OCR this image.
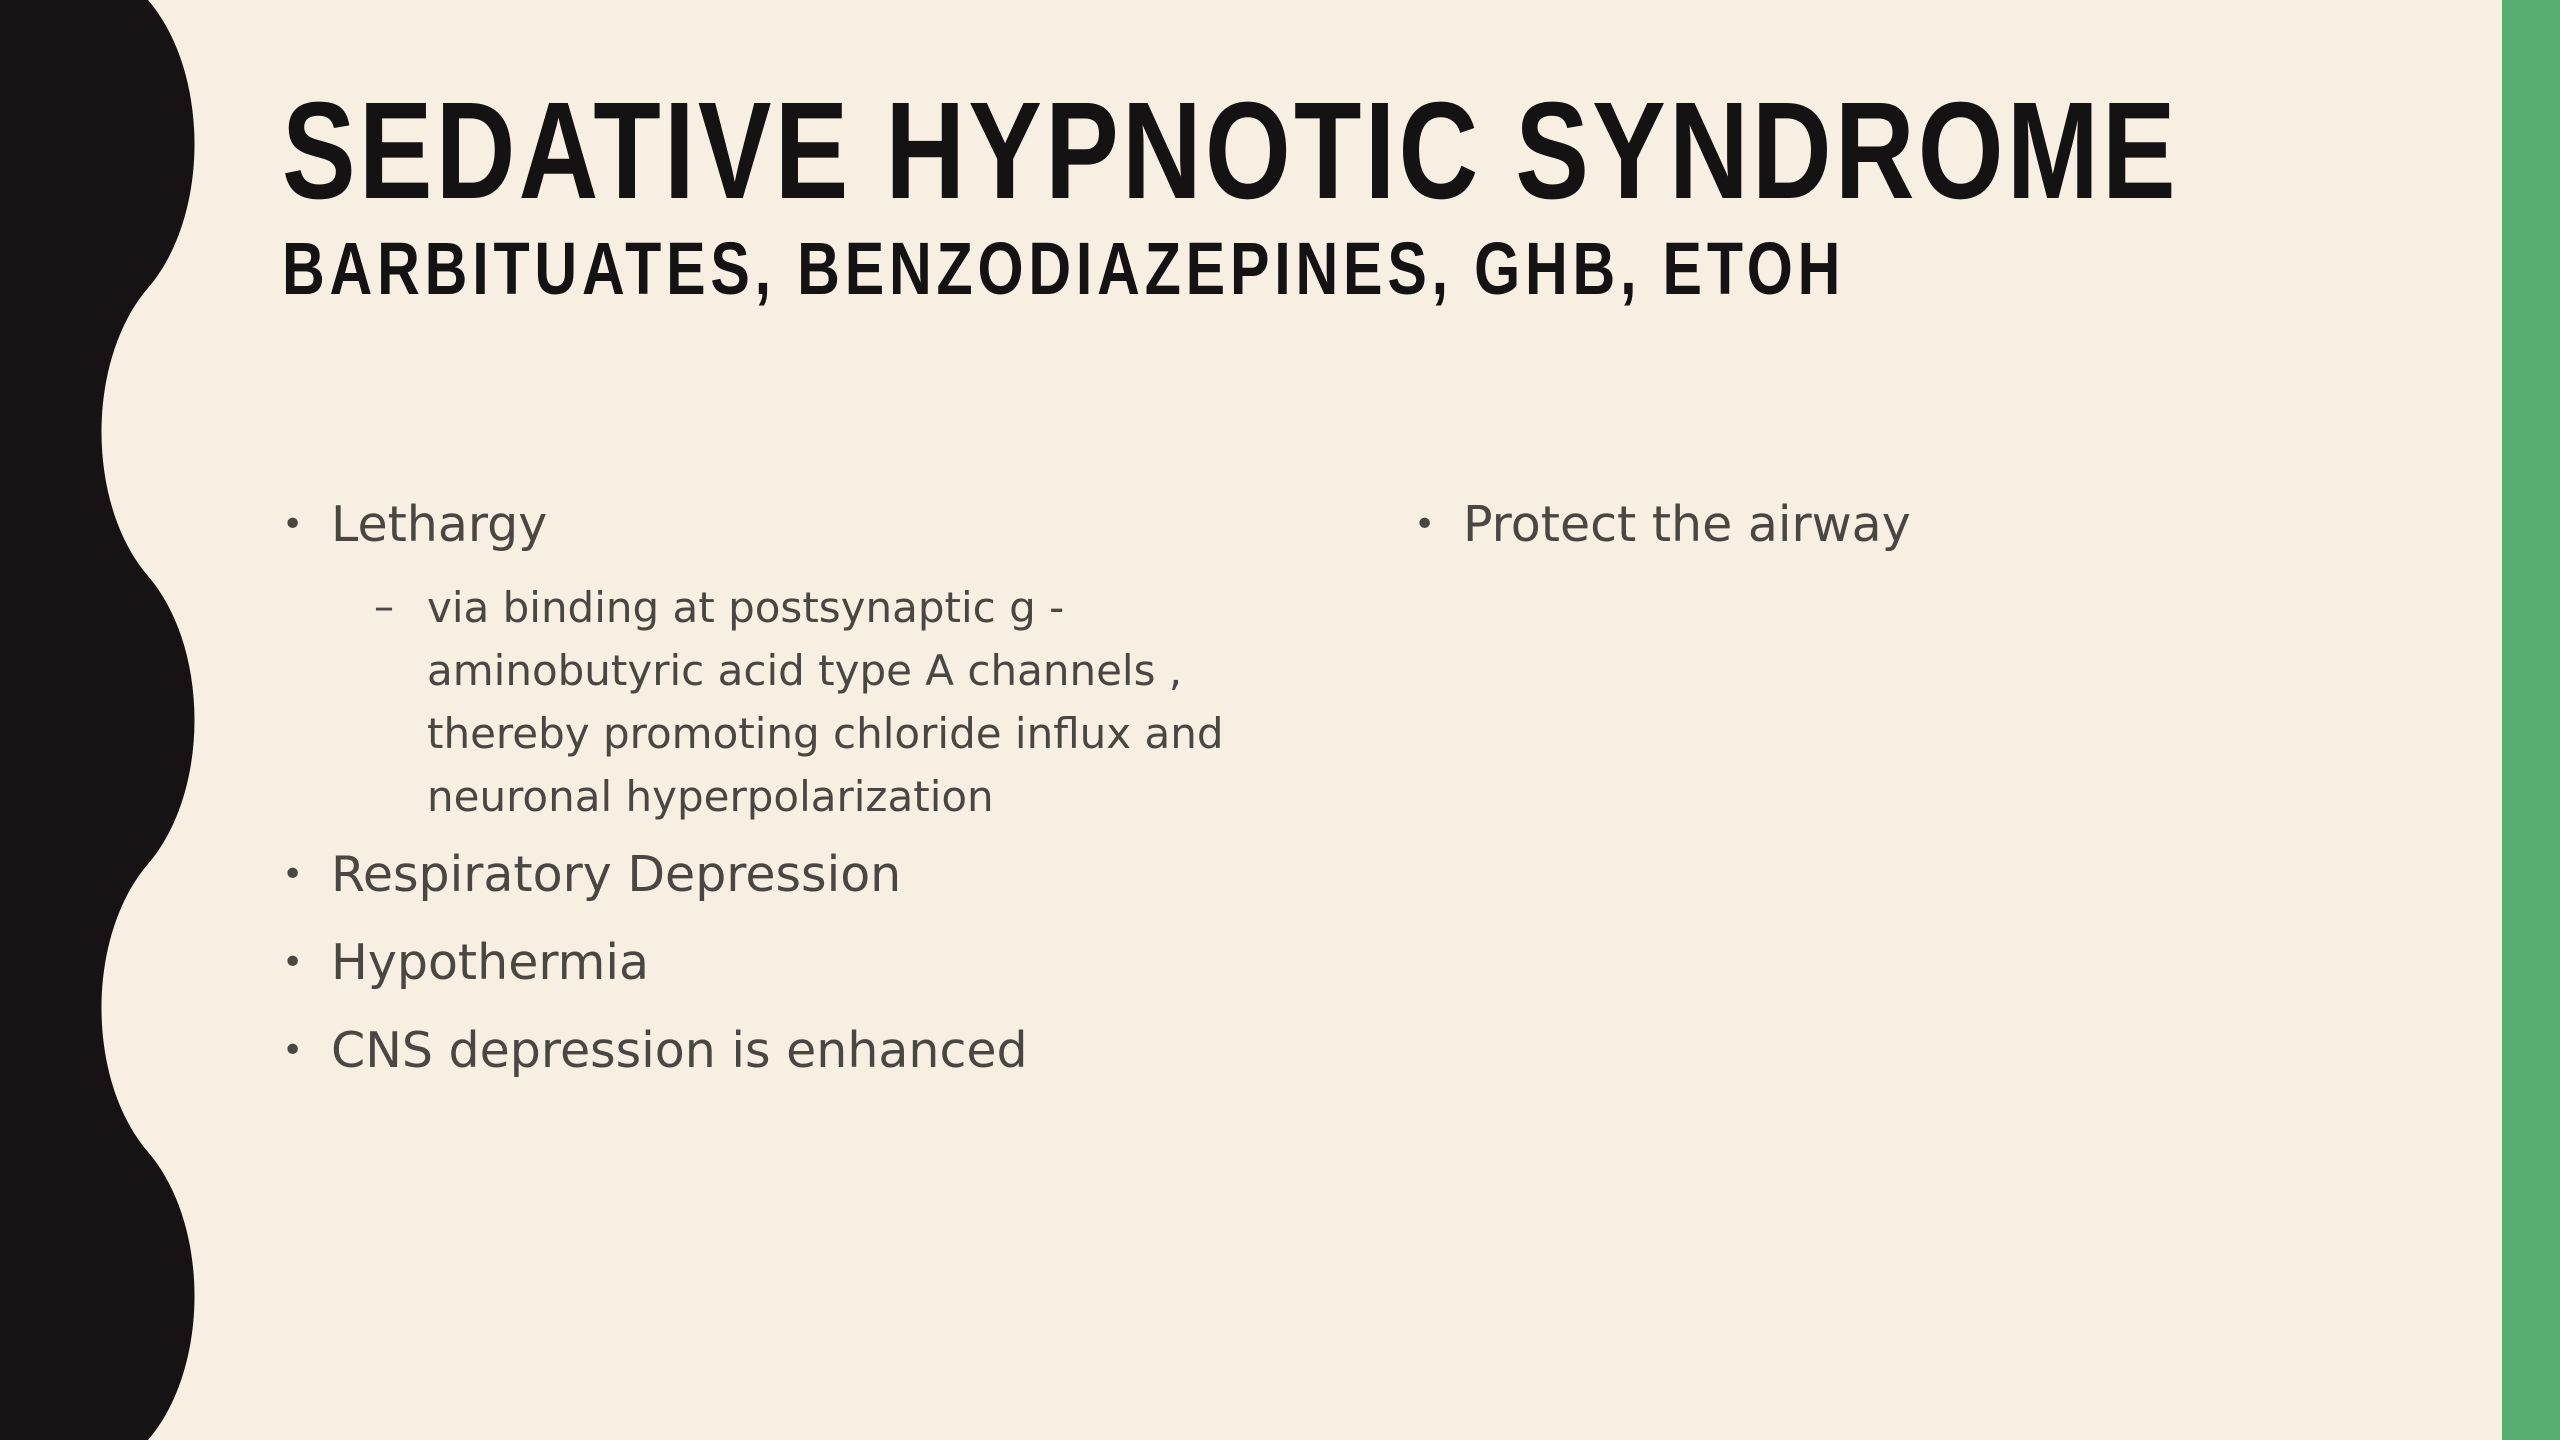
SEDATIVE HYPNOTIC SYNDROME
BARBITUATES, BENZODIAZEPINES, GHB, ETOH
• Lethargy
– via binding at postsynaptic g -aminobutyric acid type A channels , thereby promoting chloride influx and neuronal hyperpolarization
• Respiratory Depression
• Hypothermia
• CNS depression is enhanced
• Protect the airway
